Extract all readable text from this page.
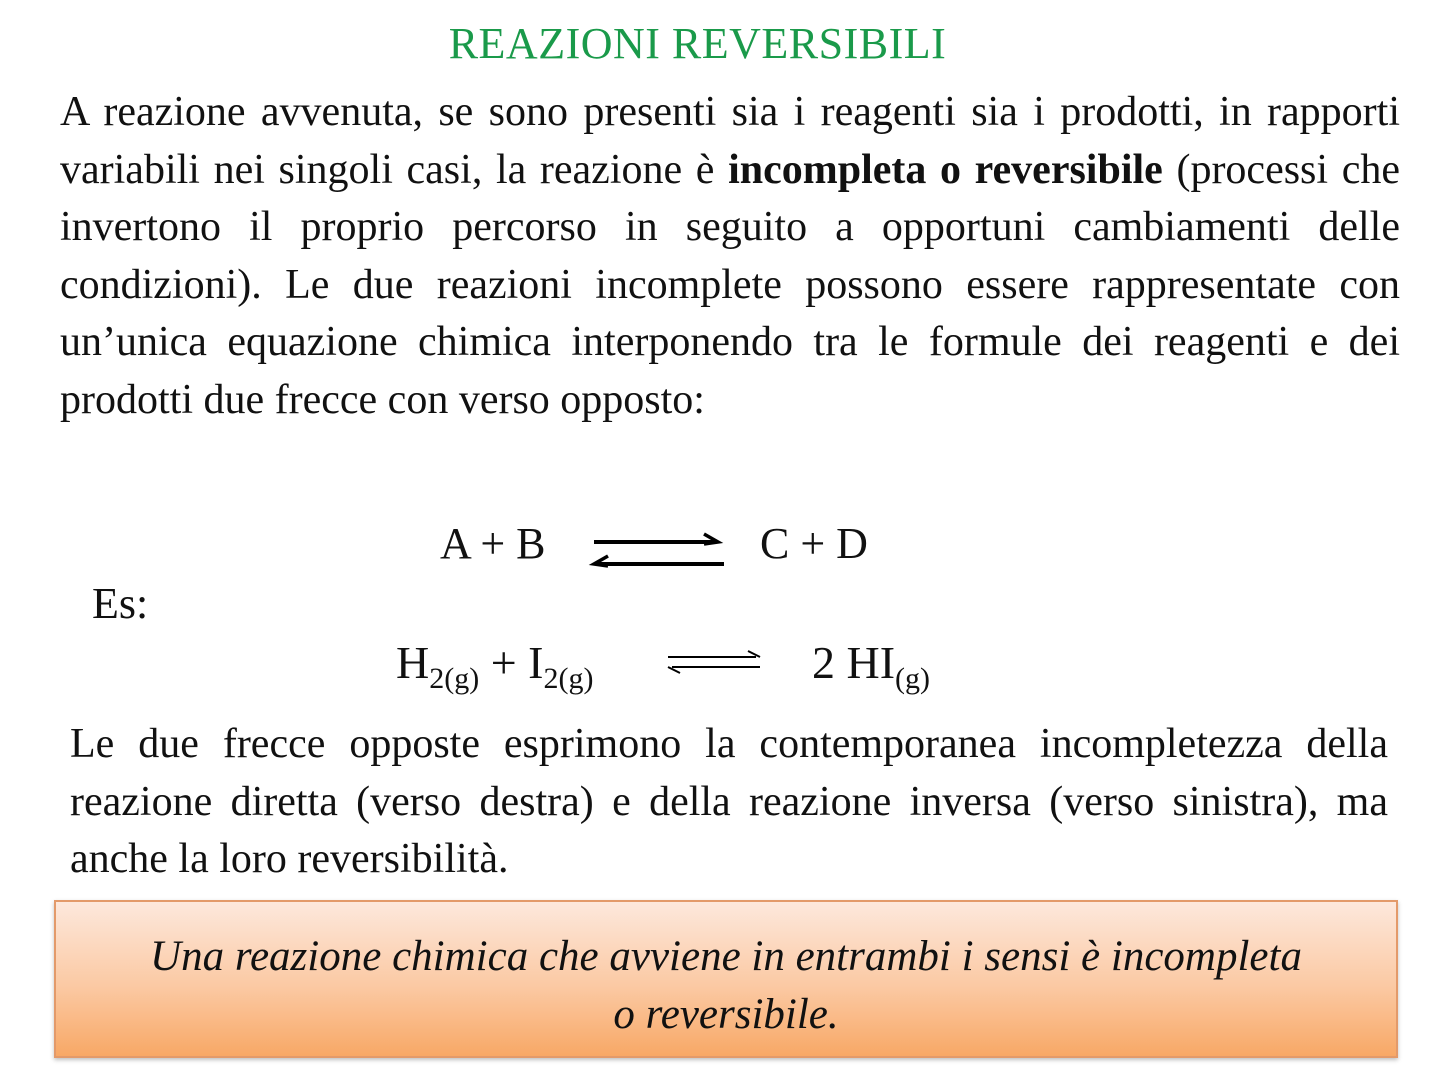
REAZIONI REVERSIBILI
A reazione avvenuta, se sono presenti sia i reagenti sia i prodotti, in rapporti variabili nei singoli casi, la reazione è incompleta o reversibile (processi che invertono il proprio percorso in seguito a opportuni cambiamenti delle condizioni). Le due reazioni incomplete possono essere rappresentate con un’unica equazione chimica interponendo tra le formule dei reagenti e dei prodotti due frecce con verso opposto:
A + B	C + D
Es:
$H_{2(g)} + I_{2(g)}$	2 $HI_{(g)}$
Le due frecce opposte esprimono la contemporanea incompletezza della reazione diretta (verso destra) e della reazione inversa (verso sinistra), ma anche la loro reversibilità.
Una reazione chimica che avviene in entrambi i sensi è incompleta
o reversibile.
